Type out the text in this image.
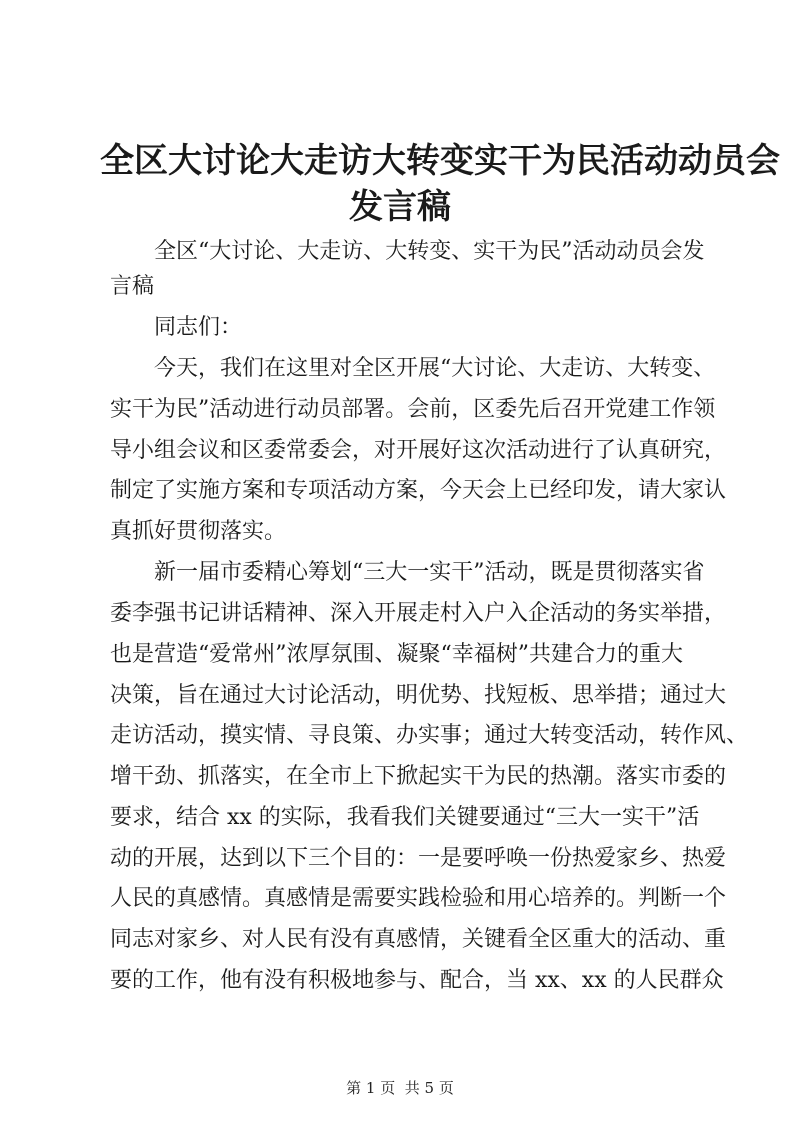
全区大讨论大走访大转变实干为民活动动员会
发言稿

　　全区“大讨论、大走访、大转变、实干为民”活动动员会发

言稿

　　同志们：

　　今天，我们在这里对全区开展“大讨论、大走访、大转变、

实干为民”活动进行动员部署。会前，区委先后召开党建工作领

导小组会议和区委常委会，对开展好这次活动进行了认真研究，

制定了实施方案和专项活动方案，今天会上已经印发，请大家认

真抓好贯彻落实。

　　新一届市委精心筹划“三大一实干”活动，既是贯彻落实省

委李强书记讲话精神、深入开展走村入户入企活动的务实举措，

也是营造“爱常州”浓厚氛围、凝聚“幸福树”共建合力的重大

决策，旨在通过大讨论活动，明优势、找短板、思举措；通过大

走访活动，摸实情、寻良策、办实事；通过大转变活动，转作风、

增干劲、抓落实，在全市上下掀起实干为民的热潮。落实市委的

要求，结合 xx 的实际，我看我们关键要通过“三大一实干”活

动的开展，达到以下三个目的：一是要呼唤一份热爱家乡、热爱

人民的真感情。真感情是需要实践检验和用心培养的。判断一个

同志对家乡、对人民有没有真感情，关键看全区重大的活动、重

要的工作，他有没有积极地参与、配合，当 xx、xx 的人民群众

第 1 页  共 5 页
